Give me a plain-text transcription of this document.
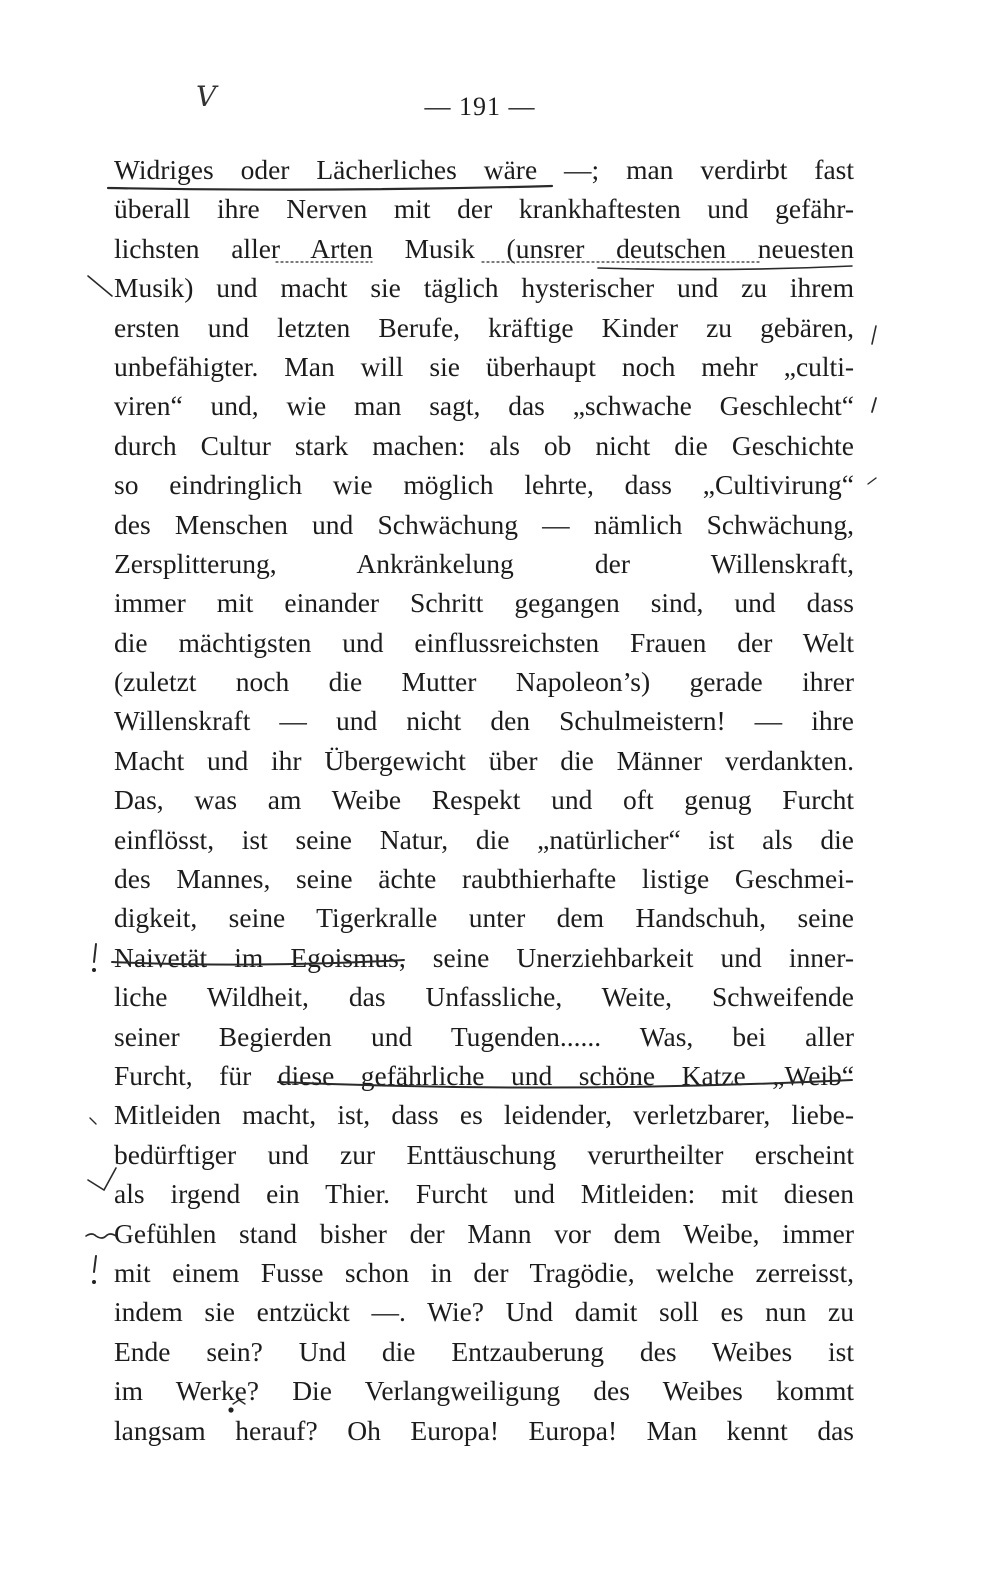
V	— 191 —
Widriges oder Lächerliches wäre —; man verdirbt fast
überall ihre Nerven mit der krankhaftesten und gefähr-
lichsten aller Arten Musik (unsrer deutschen neuesten
Musik) und macht sie täglich hysterischer und zu ihrem
ersten und letzten Berufe, kräftige Kinder zu gebären,
unbefähigter. Man will sie überhaupt noch mehr „culti-
viren“ und, wie man sagt, das „schwache Geschlecht“
durch Cultur stark machen: als ob nicht die Geschichte
so eindringlich wie möglich lehrte, dass „Cultivirung“
des Menschen und Schwächung — nämlich Schwächung,
Zersplitterung, Ankränkelung der Willenskraft,
immer mit einander Schritt gegangen sind, und dass
die mächtigsten und einflussreichsten Frauen der Welt
(zuletzt noch die Mutter Napoleon’s) gerade ihrer
Willenskraft — und nicht den Schulmeistern! — ihre
Macht und ihr Übergewicht über die Männer verdankten.
Das, was am Weibe Respekt und oft genug Furcht
einflösst, ist seine Natur, die „natürlicher“ ist als die
des Mannes, seine ächte raubthierhafte listige Geschmei-
digkeit, seine Tigerkralle unter dem Handschuh, seine
Naivetät im Egoismus, seine Unerziehbarkeit und inner-
liche Wildheit, das Unfassliche, Weite, Schweifende
seiner Begierden und Tugenden...... Was, bei aller
Furcht, für diese gefährliche und schöne Katze „Weib“
Mitleiden macht, ist, dass es leidender, verletzbarer, liebe-
bedürftiger und zur Enttäuschung verurtheilter erscheint
als irgend ein Thier. Furcht und Mitleiden: mit diesen
Gefühlen stand bisher der Mann vor dem Weibe, immer
mit einem Fusse schon in der Tragödie, welche zerreisst,
indem sie entzückt —. Wie? Und damit soll es nun zu
Ende sein? Und die Entzauberung des Weibes ist
im Werke? Die Verlangweiligung des Weibes kommt
langsam herauf? Oh Europa! Europa! Man kennt das
